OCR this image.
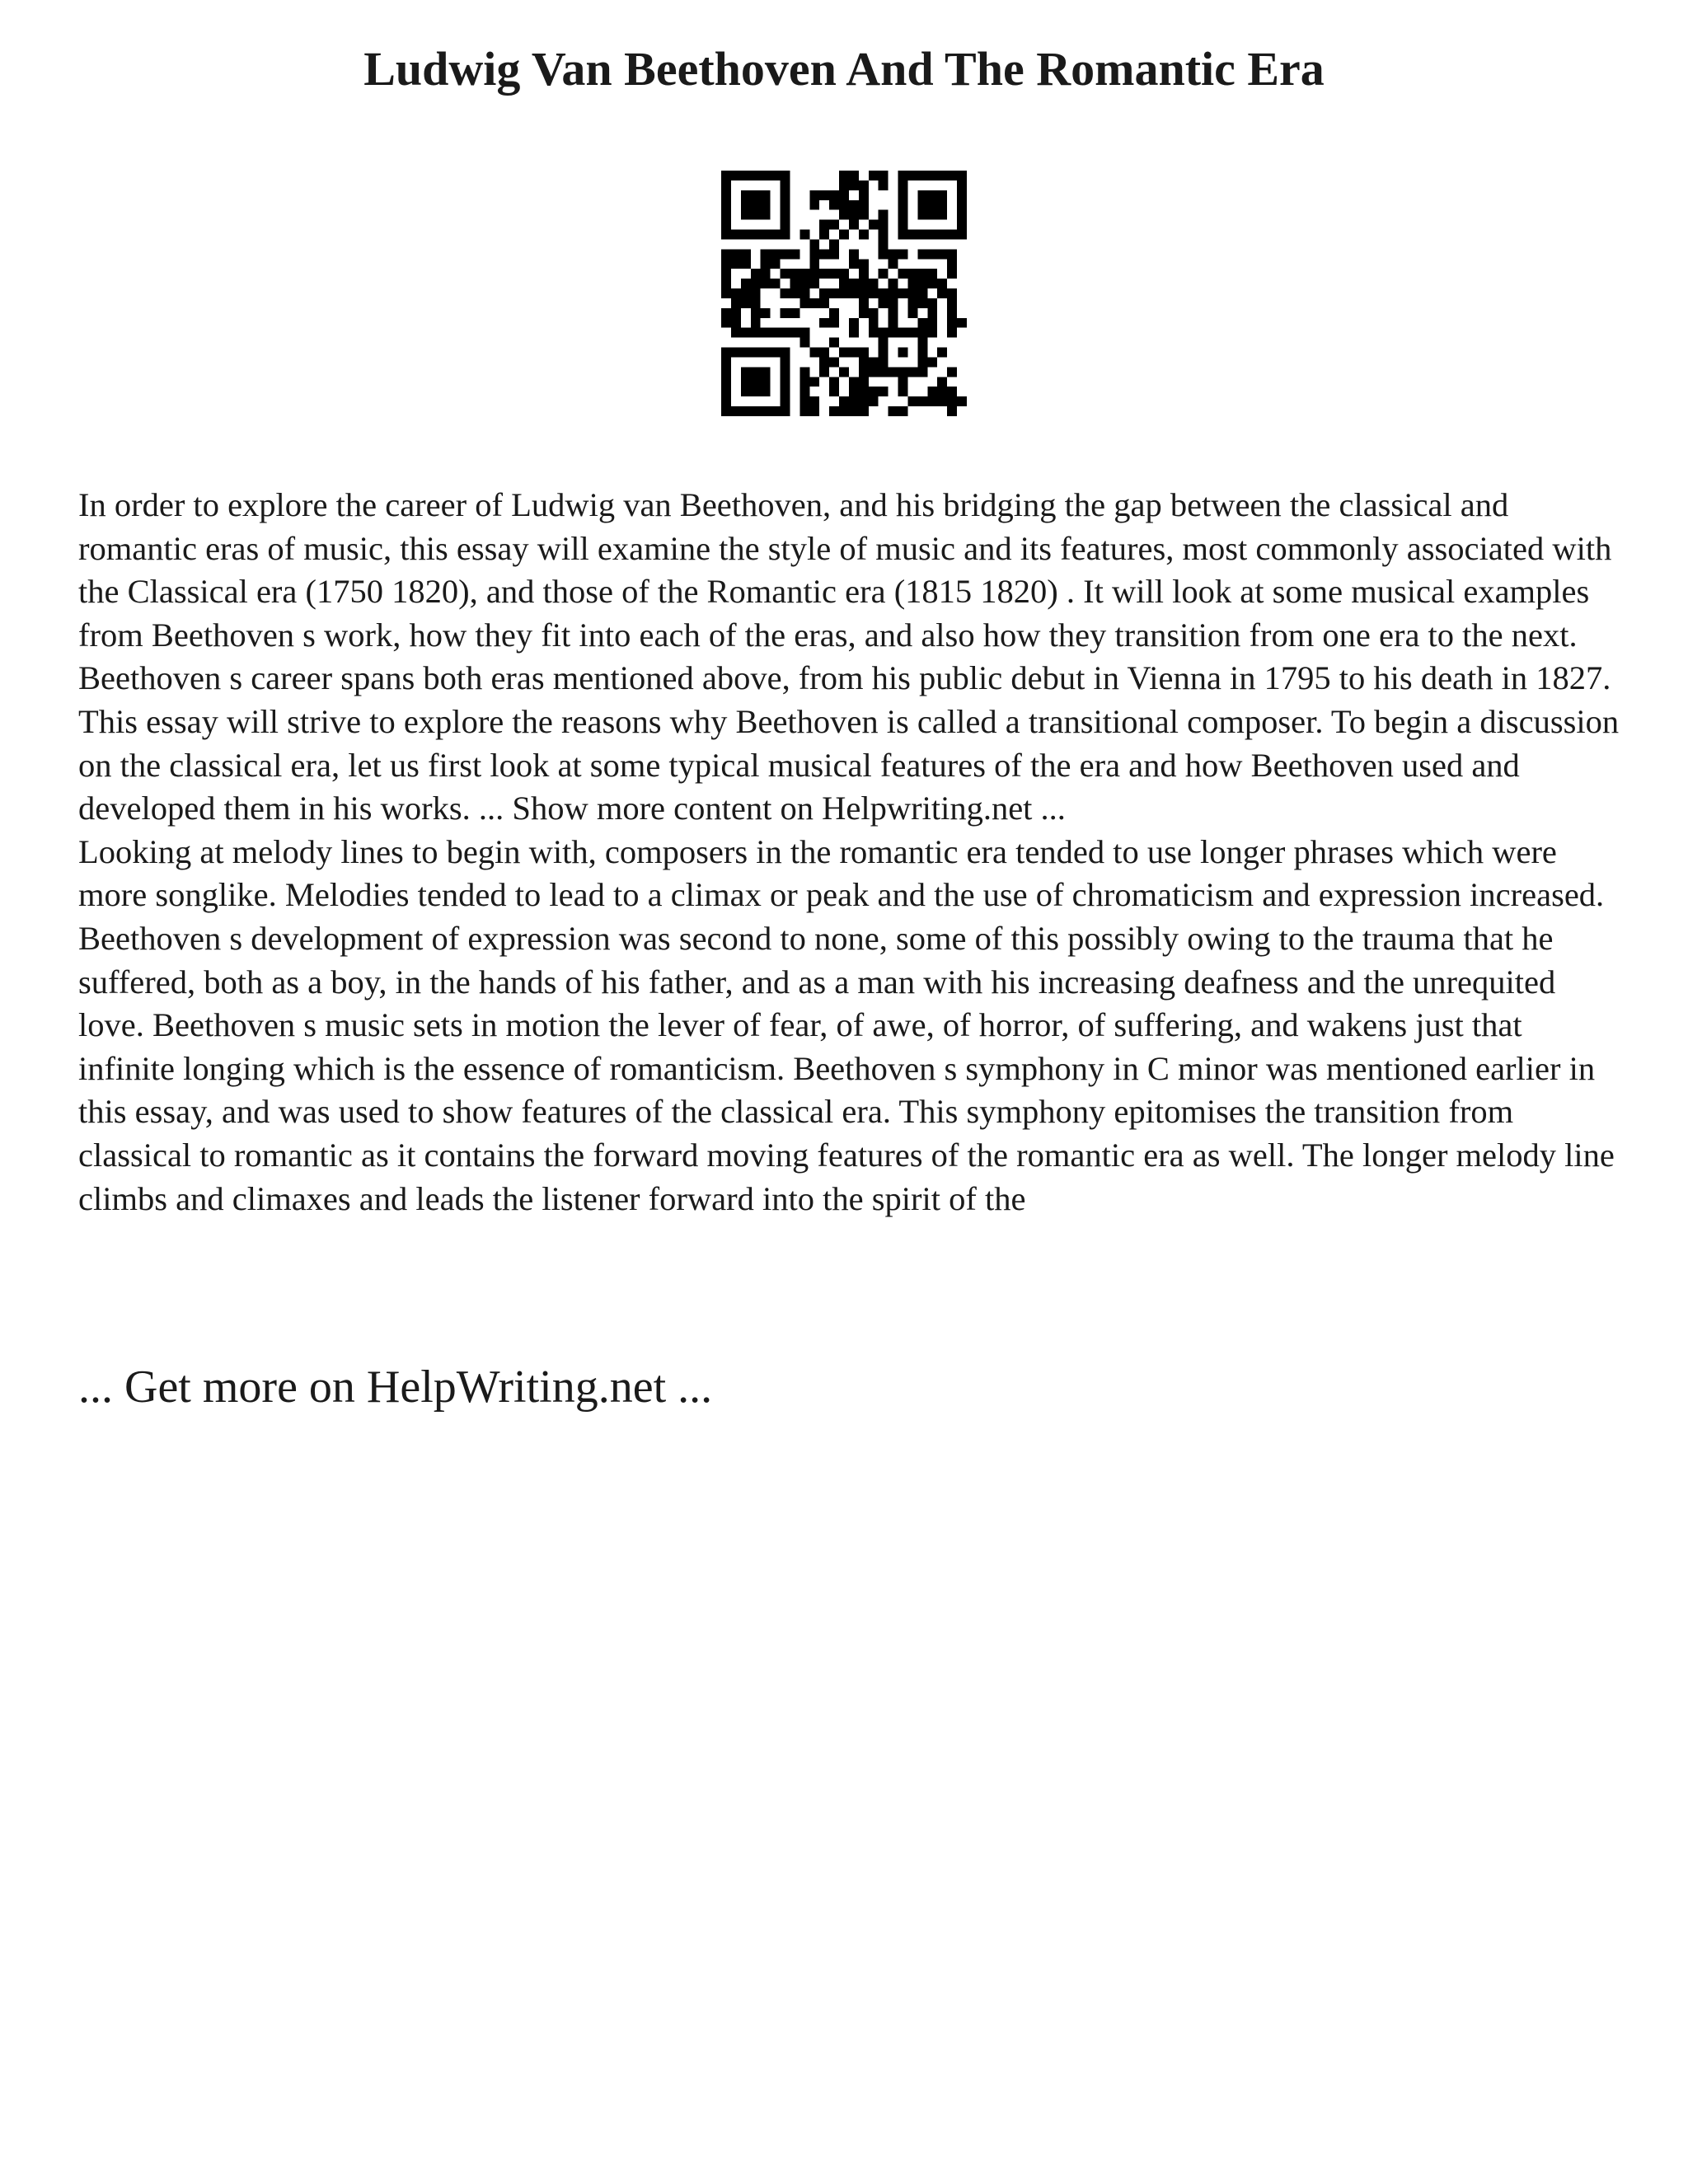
Ludwig Van Beethoven And The Romantic Era

In order to explore the career of Ludwig van Beethoven, and his bridging the gap between the classical and romantic eras of music, this essay will examine the style of music and its features, most commonly associated with the Classical era (1750 1820), and those of the Romantic era (1815 1820) . It will look at some musical examples from Beethoven s work, how they fit into each of the eras, and also how they transition from one era to the next. Beethoven s career spans both eras mentioned above, from his public debut in Vienna in 1795 to his death in 1827. This essay will strive to explore the reasons why Beethoven is called a transitional composer. To begin a discussion on the classical era, let us first look at some typical musical features of the era and how Beethoven used and developed them in his works. ... Show more content on Helpwriting.net ...

Looking at melody lines to begin with, composers in the romantic era tended to use longer phrases which were more songlike. Melodies tended to lead to a climax or peak and the use of chromaticism and expression increased. Beethoven s development of expression was second to none, some of this possibly owing to the trauma that he suffered, both as a boy, in the hands of his father, and as a man with his increasing deafness and the unrequited love. Beethoven s music sets in motion the lever of fear, of awe, of horror, of suffering, and wakens just that infinite longing which is the essence of romanticism. Beethoven s symphony in C minor was mentioned earlier in this essay, and was used to show features of the classical era. This symphony epitomises the transition from classical to romantic as it contains the forward moving features of the romantic era as well. The longer melody line climbs and climaxes and leads the listener forward into the spirit of the

... Get more on HelpWriting.net ...
